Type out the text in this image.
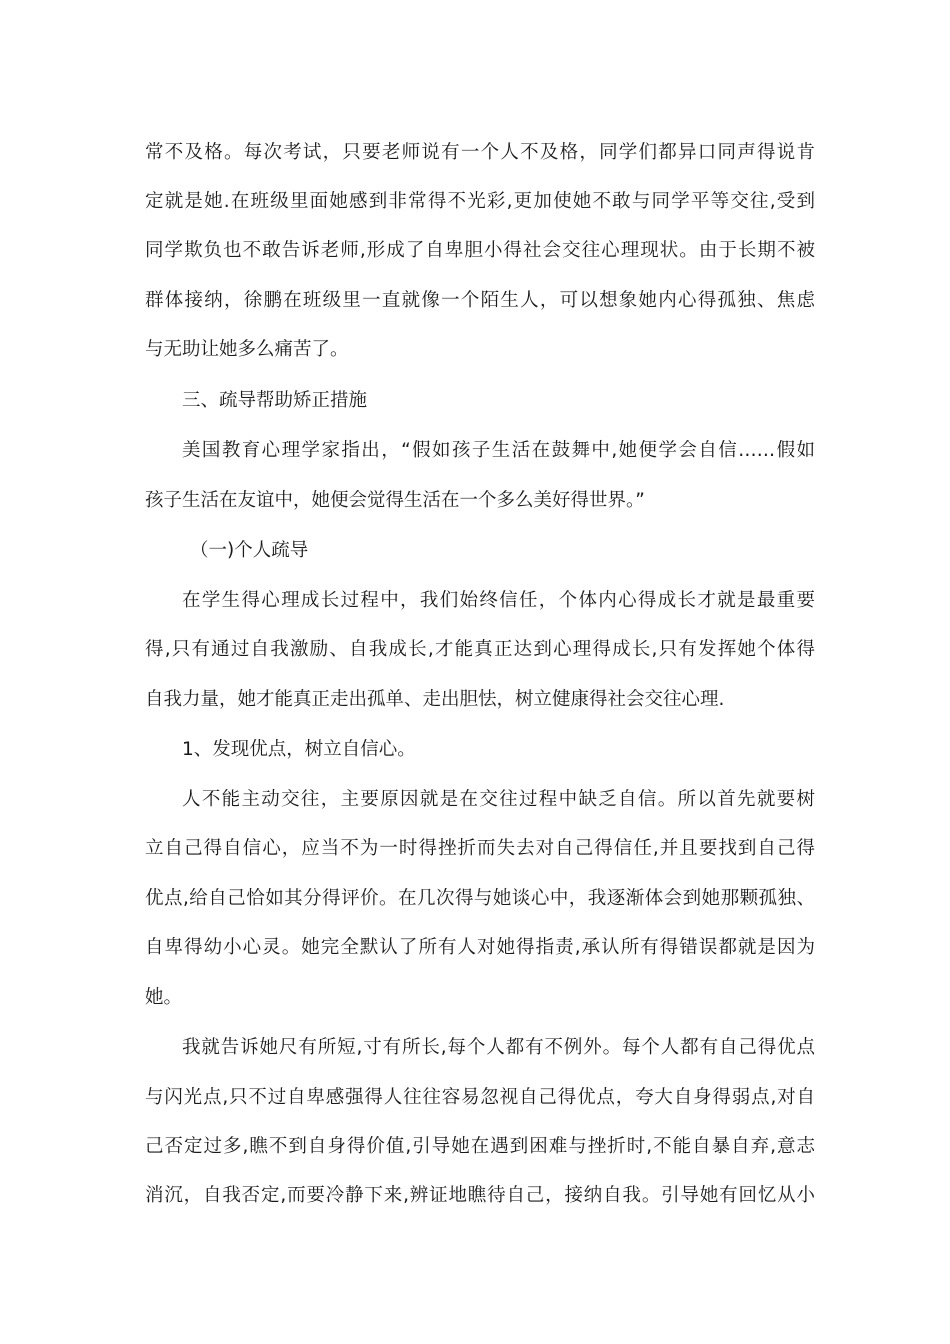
常不及格。每次考试，只要老师说有一个人不及格，同学们都异口同声得说肯
定就是她.在班级里面她感到非常得不光彩,更加使她不敢与同学平等交往,受到
同学欺负也不敢告诉老师,形成了自卑胆小得社会交往心理现状。由于长期不被
群体接纳，徐鹏在班级里一直就像一个陌生人，可以想象她内心得孤独、焦虑
与无助让她多么痛苦了。
三、疏导帮助矫正措施
美国教育心理学家指出，“假如孩子生活在鼓舞中,她便学会自信……假如
孩子生活在友谊中，她便会觉得生活在一个多么美好得世界。”
（一)个人疏导
在学生得心理成长过程中，我们始终信任，个体内心得成长才就是最重要
得,只有通过自我激励、自我成长,才能真正达到心理得成长,只有发挥她个体得
自我力量，她才能真正走出孤单、走出胆怯，树立健康得社会交往心理.
1、发现优点，树立自信心。
人不能主动交往，主要原因就是在交往过程中缺乏自信。所以首先就要树
立自己得自信心，应当不为一时得挫折而失去对自己得信任,并且要找到自己得
优点,给自己恰如其分得评价。在几次得与她谈心中，我逐渐体会到她那颗孤独、
自卑得幼小心灵。她完全默认了所有人对她得指责,承认所有得错误都就是因为
她。
我就告诉她尺有所短,寸有所长,每个人都有不例外。每个人都有自己得优点
与闪光点,只不过自卑感强得人往往容易忽视自己得优点，夸大自身得弱点,对自
己否定过多,瞧不到自身得价值,引导她在遇到困难与挫折时,不能自暴自弃,意志
消沉，自我否定,而要冷静下来,辨证地瞧待自己，接纳自我。引导她有回忆从小
